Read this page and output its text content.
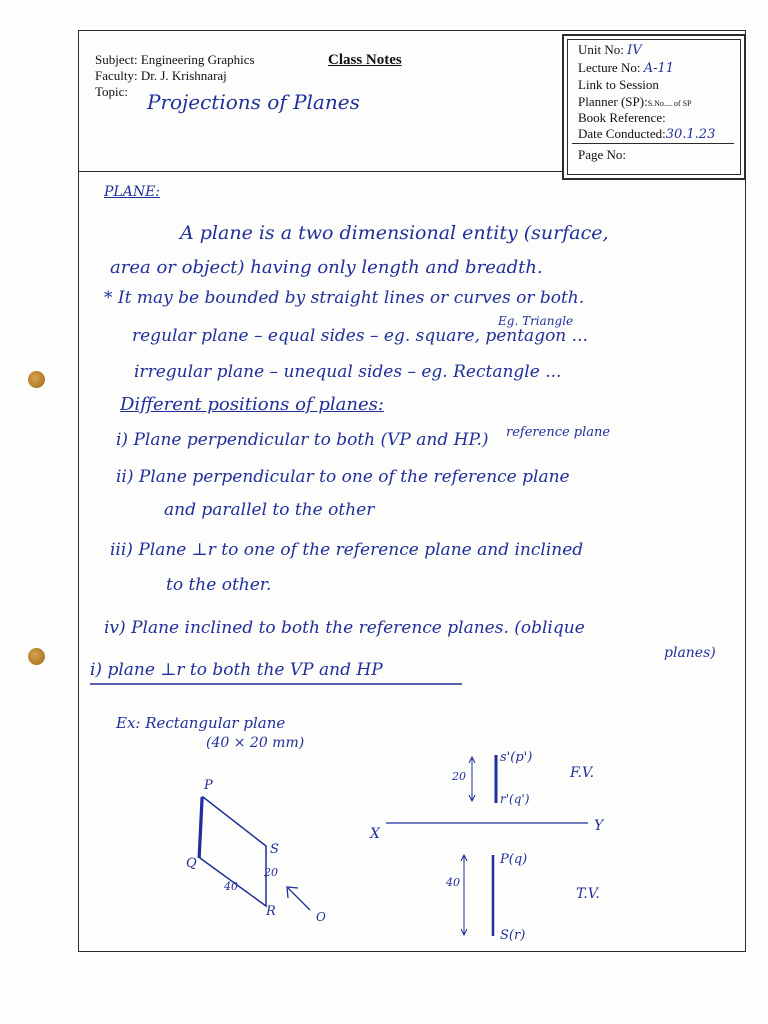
Subject: Engineering Graphics
Faculty: Dr. J. Krishnaraj
Topic: Projections of Planes
Class Notes
Unit No: IV
Lecture No: A-11
Link to Session
Planner (SP):S.No.... of SP
Book Reference:
Date Conducted:30.1.23
Page No:
PLANE:
A plane is a two dimensional entity (surface,
area or object) having only length and breadth.
* It may be bounded by straight lines or curves or both.
Eg. Triangle
regular plane – equal sides – eg. square, pentagon ...
irregular plane – unequal sides – eg. Rectangle ...
Different positions of planes:
reference plane
i) Plane perpendicular to both (VP and HP.)
ii) Plane perpendicular to one of the reference plane
and parallel to the other
iii) Plane ⊥r to one of the reference plane and inclined
to the other.
iv) Plane inclined to both the reference planes. (oblique
planes)
i) plane ⊥r to both the VP and HP
Ex: Rectangular plane
(40 × 20 mm)
P
Q
R
S
20
40
O
s'(p')
r'(q')
20	F.V.
X	Y
P(q)
S(r)
40
T.V.
